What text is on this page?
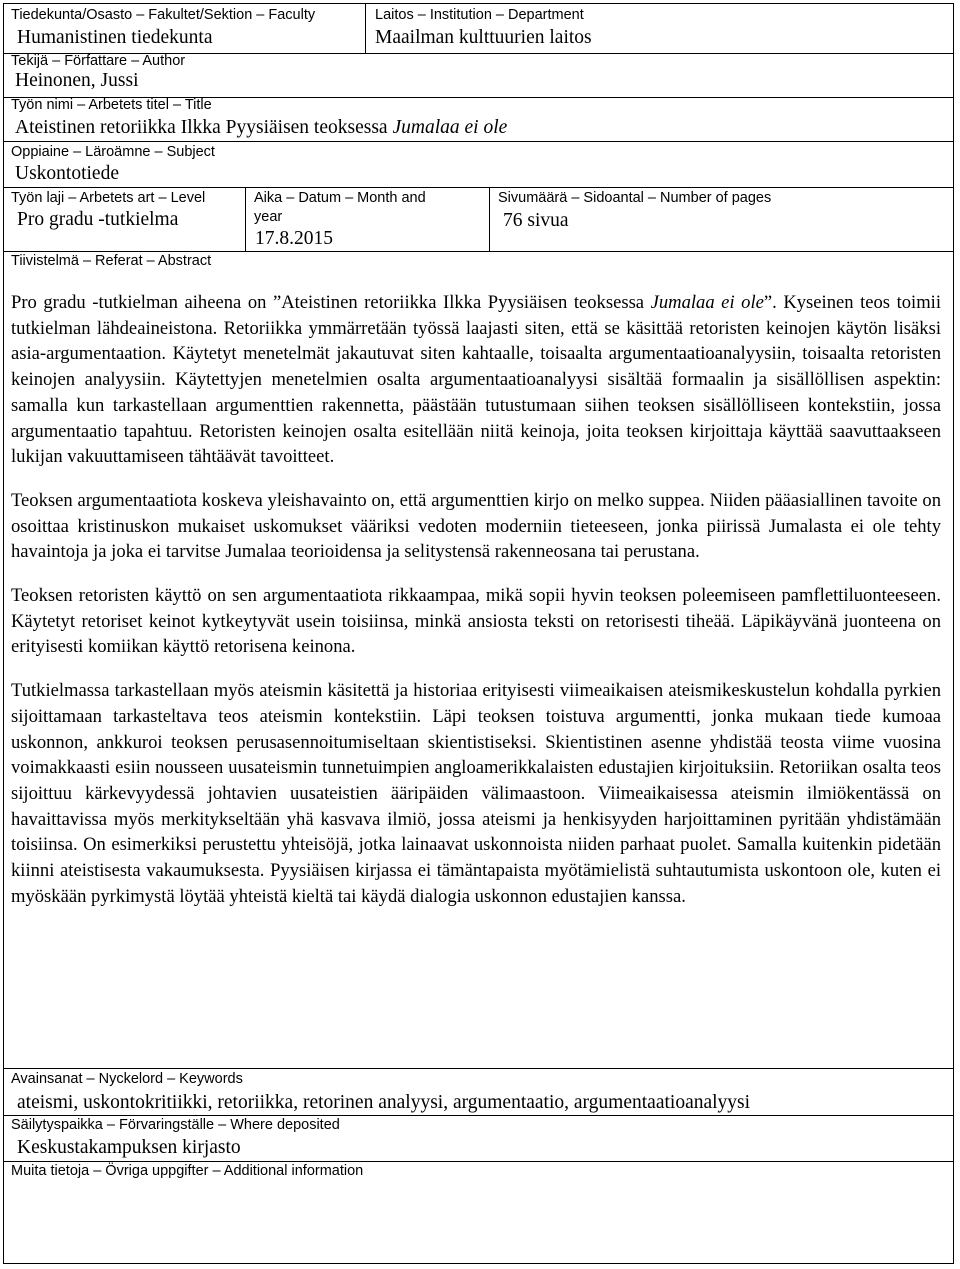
Tiedekunta/Osasto – Fakultet/Sektion – Faculty
Humanistinen tiedekunta
Laitos – Institution – Department
Maailman kulttuurien laitos
Tekijä – Författare – Author
Heinonen, Jussi
Työn nimi – Arbetets titel – Title
Ateistinen retoriikka Ilkka Pyysiäisen teoksessa Jumalaa ei ole
Oppiaine – Läroämne – Subject
Uskontotiede
Työn laji – Arbetets art – Level
Pro gradu -tutkielma
Aika – Datum – Month and
year
17.8.2015
Sivumäärä – Sidoantal – Number of pages
76 sivua
Tiivistelmä – Referat – Abstract

Pro gradu -tutkielman aiheena on ”Ateistinen retoriikka Ilkka Pyysiäisen teoksessa Jumalaa ei ole”. Kyseinen teos toimii tutkielman lähdeaineistona. Retoriikka ymmärretään työssä laajasti siten, että se käsittää retoristen keinojen käytön lisäksi asia-argumentaation. Käytetyt menetelmät jakautuvat siten kahtaalle, toisaalta argumentaatioanalyysiin, toisaalta retoristen keinojen analyysiin. Käytettyjen menetelmien osalta argumentaatioanalyysi sisältää formaalin ja sisällöllisen aspektin: samalla kun tarkastellaan argumenttien rakennetta, päästään tutustumaan siihen teoksen sisällölliseen kontekstiin, jossa argumentaatio tapahtuu. Retoristen keinojen osalta esitellään niitä keinoja, joita teoksen kirjoittaja käyttää saavuttaakseen lukijan vakuuttamiseen tähtäävät tavoitteet.

Teoksen argumentaatiota koskeva yleishavainto on, että argumenttien kirjo on melko suppea. Niiden pääasiallinen tavoite on osoittaa kristinuskon mukaiset uskomukset vääriksi vedoten moderniin tieteeseen, jonka piirissä Jumalasta ei ole tehty havaintoja ja joka ei tarvitse Jumalaa teorioidensa ja selitystensä rakenneosana tai perustana.

Teoksen retoristen käyttö on sen argumentaatiota rikkaampaa, mikä sopii hyvin teoksen poleemiseen pamflettiluonteeseen. Käytetyt retoriset keinot kytkeytyvät usein toisiinsa, minkä ansiosta teksti on retorisesti tiheää. Läpikäyvänä juonteena on erityisesti komiikan käyttö retorisena keinona.

Tutkielmassa tarkastellaan myös ateismin käsitettä ja historiaa erityisesti viimeaikaisen ateismikeskustelun kohdalla pyrkien sijoittamaan tarkasteltava teos ateismin kontekstiin. Läpi teoksen toistuva argumentti, jonka mukaan tiede kumoaa uskonnon, ankkuroi teoksen perusasennoitumiseltaan skientistiseksi. Skientistinen asenne yhdistää teosta viime vuosina voimakkaasti esiin nousseen uusateismin tunnetuimpien angloamerikkalaisten edustajien kirjoituksiin. Retoriikan osalta teos sijoittuu kärkevyydessä johtavien uusateistien ääripäiden välimaastoon. Viimeaikaisessa ateismin ilmiökentässä on havaittavissa myös merkitykseltään yhä kasvava ilmiö, jossa ateismi ja henkisyyden harjoittaminen pyritään yhdistämään toisiinsa. On esimerkiksi perustettu yhteisöjä, jotka lainaavat uskonnoista niiden parhaat puolet. Samalla kuitenkin pidetään kiinni ateistisesta vakaumuksesta. Pyysiäisen kirjassa ei tämäntapaista myötämielistä suhtautumista uskontoon ole, kuten ei myöskään pyrkimystä löytää yhteistä kieltä tai käydä dialogia uskonnon edustajien kanssa.

Avainsanat – Nyckelord – Keywords
ateismi, uskontokritiikki, retoriikka, retorinen analyysi, argumentaatio, argumentaatioanalyysi
Säilytyspaikka – Förvaringställe – Where deposited
Keskustakampuksen kirjasto
Muita tietoja – Övriga uppgifter – Additional information
